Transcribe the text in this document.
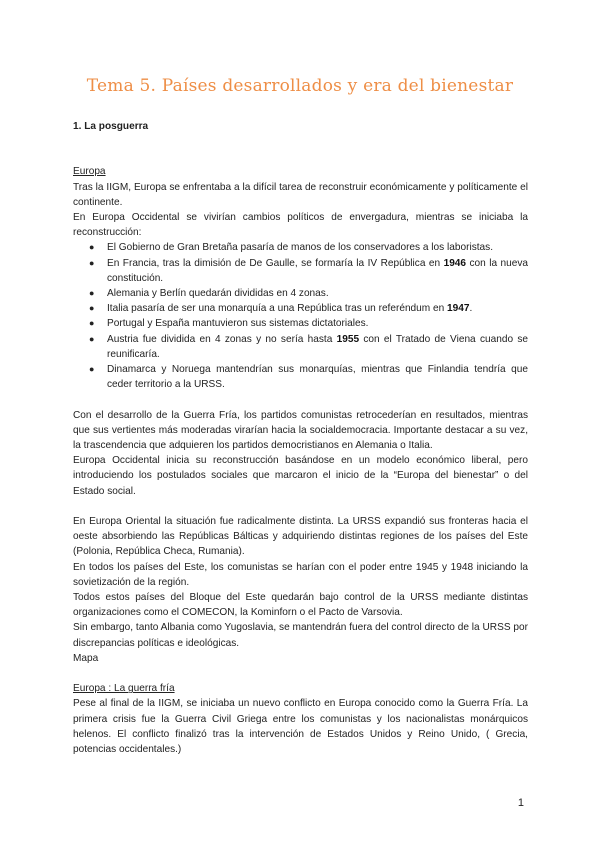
Tema 5. Países desarrollados y era del bienestar

1. La posguerra

Europa

Tras la IIGM, Europa se enfrentaba a la difícil tarea de reconstruir económicamente y políticamente el continente.

En Europa Occidental se vivirían cambios políticos de envergadura, mientras se iniciaba la reconstrucción:

● El Gobierno de Gran Bretaña pasaría de manos de los conservadores a los laboristas.
● En Francia, tras la dimisión de De Gaulle, se formaría la IV República en 1946 con la nueva constitución.
● Alemania y Berlín quedarán divididas en 4 zonas.
● Italia pasaría de ser una monarquía a una República tras un referéndum en 1947.
● Portugal y España mantuvieron sus sistemas dictatoriales.
● Austria fue dividida en 4 zonas y no sería hasta 1955 con el Tratado de Viena cuando se reunificaría.
● Dinamarca y Noruega mantendrían sus monarquías, mientras que Finlandia tendría que ceder territorio a la URSS.

Con el desarrollo de la Guerra Fría, los partidos comunistas retrocederían en resultados, mientras que sus vertientes más moderadas virarían hacia la socialdemocracia. Importante destacar a su vez, la trascendencia que adquieren los partidos democristianos en Alemania o Italia.

Europa Occidental inicia su reconstrucción basándose en un modelo económico liberal, pero introduciendo los postulados sociales que marcaron el inicio de la “Europa del bienestar” o del Estado social.

En Europa Oriental la situación fue radicalmente distinta. La URSS expandió sus fronteras hacia el oeste absorbiendo las Repúblicas Bálticas y adquiriendo distintas regiones de los países del Este (Polonia, República Checa, Rumania).

En todos los países del Este, los comunistas se harían con el poder entre 1945 y 1948 iniciando la sovietización de la región.

Todos estos países del Bloque del Este quedarán bajo control de la URSS mediante distintas organizaciones como el COMECON, la Kominforn o el Pacto de Varsovia.

Sin embargo, tanto Albania como Yugoslavia, se mantendrán fuera del control directo de la URSS por discrepancias políticas e ideológicas.

Mapa

Europa : La guerra fría

Pese al final de la IIGM, se iniciaba un nuevo conflicto en Europa conocido como la Guerra Fría. La primera crisis fue la Guerra Civil Griega entre los comunistas y los nacionalistas monárquicos helenos. El conflicto finalizó tras la intervención de Estados Unidos y Reino Unido, ( Grecia, potencias occidentales.)

1
